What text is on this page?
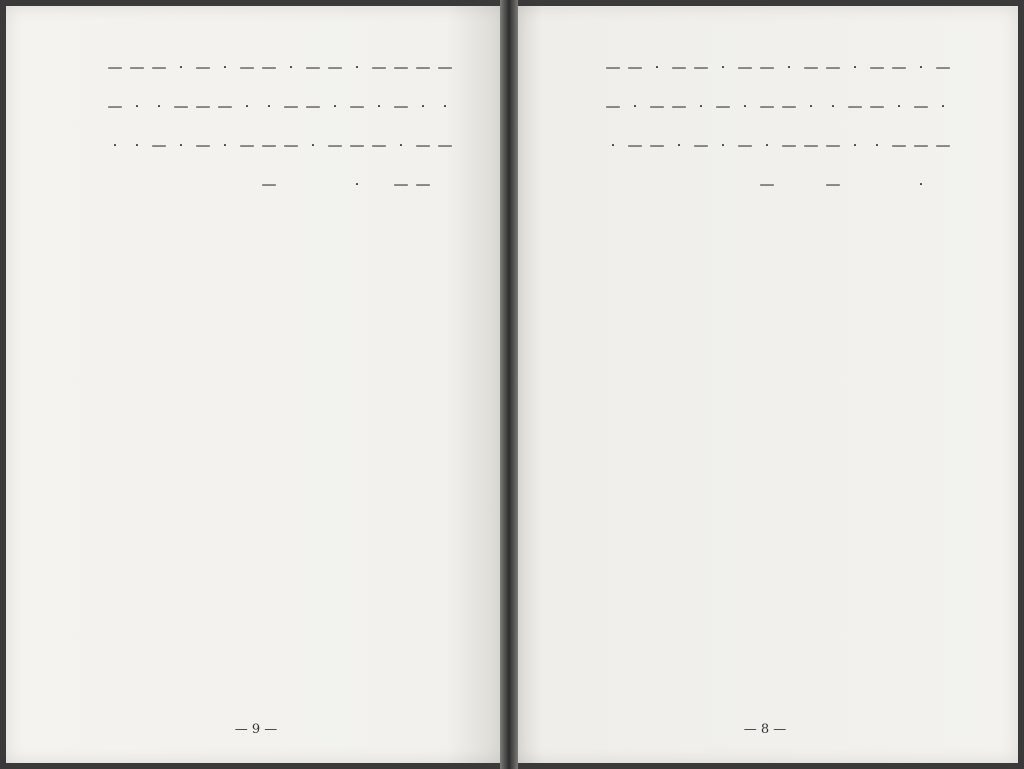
— · —
· — — ·
— · —
— — ·
· — ·
— · — —
— · —
· — —
— — · —
— · —
· — ·
— · —
— — ·
· — —
— · —
— — ·
— 8 —
— · —
— · — —
— — · —
— · —
· — — ·
— · —
— — ·
· — —
— · — —
— · —
· — ·
— — —
· — ·
— · —
— · ·
— — ·
— 9 —
